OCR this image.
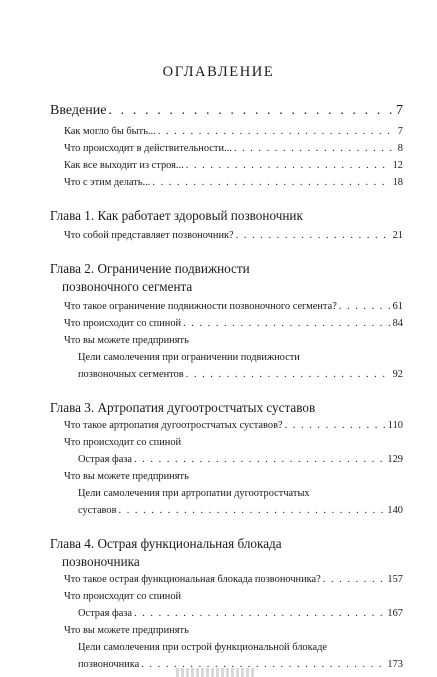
ОГЛАВЛЕНИЕ
Введение . . .	7
Как могло бы быть... . . .	7
Что происходит в действительности... . . .	8
Как все выходит из строя... . . .	12
Что с этим делать... . . .	18
Глава 1. Как работает здоровый позвоночник
Что собой представляет позвоночник? . . .	21
Глава 2. Ограничение подвижности
позвоночного сегмента
Что такое ограничение подвижности позвоночного сегмента? . . .	61
Что происходит со спиной . . .	84
Что вы можете предпринять
Цели самолечения при ограничении подвижности
позвоночных сегментов . . .	92
Глава 3. Артропатия дугоотростчатых суставов
Что такое артропатия дугоотростчатых суставов? . . .	110
Что происходит со спиной
Острая фаза . . .	129
Что вы можете предпринять
Цели самолечения при артропатии дугоотростчатых
суставов . . .	140
Глава 4. Острая функциональная блокада
позвоночника
Что такое острая функциональная блокада позвоночника? . . .	157
Что происходит со спиной
Острая фаза . . .	167
Что вы можете предпринять
Цели самолечения при острой функциональной блокаде
позвоночника . . .	173
